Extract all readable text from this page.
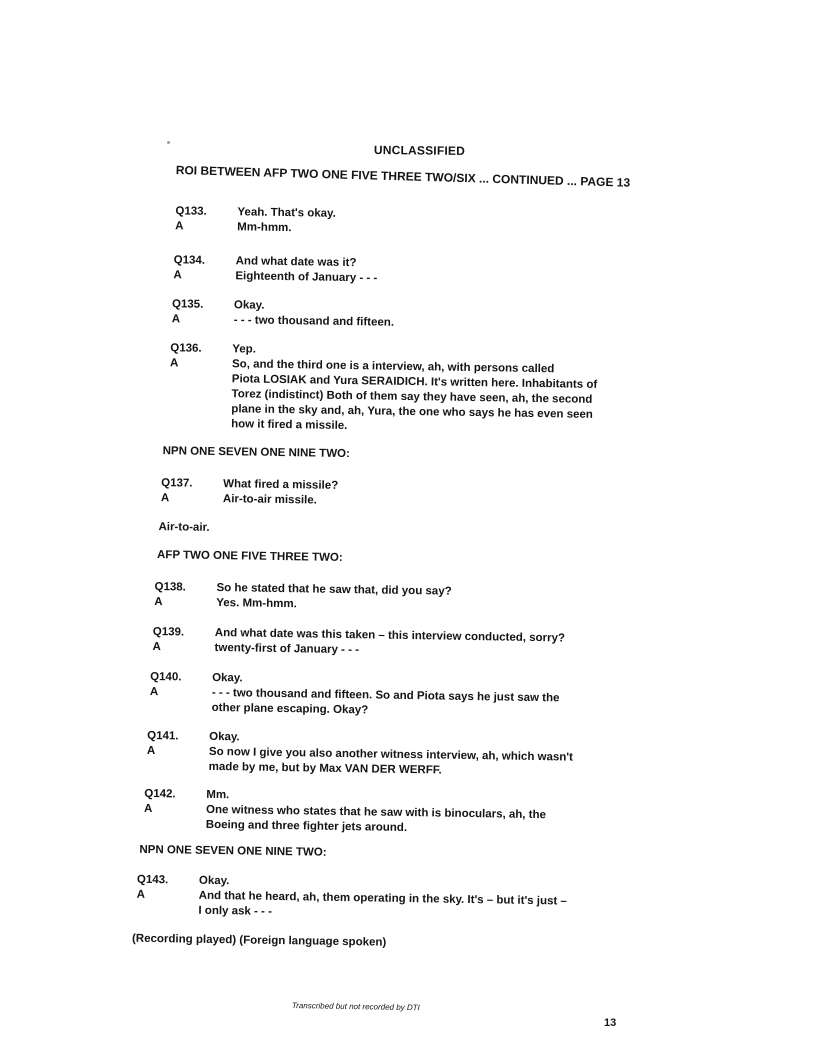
UNCLASSIFIED
ROI BETWEEN AFP TWO ONE FIVE THREE TWO/SIX ... CONTINUED ... PAGE 13
Q133.	Yeah. That's okay.
A	Mm-hmm.
Q134.	And what date was it?
A	Eighteenth of January - - -
Q135.	Okay.
A	- - - two thousand and fifteen.
Q136.	Yep.
A	So, and the third one is a interview, ah, with persons called
Piota LOSIAK and Yura SERAIDICH. It's written here. Inhabitants of
Torez (indistinct) Both of them say they have seen, ah, the second
plane in the sky and, ah, Yura, the one who says he has even seen
how it fired a missile.
NPN ONE SEVEN ONE NINE TWO:
Q137.	What fired a missile?
A	Air-to-air missile.
Air-to-air.
AFP TWO ONE FIVE THREE TWO:
Q138.	So he stated that he saw that, did you say?
A	Yes. Mm-hmm.
Q139.	And what date was this taken – this interview conducted, sorry?
A	twenty-first of January - - -
Q140.	Okay.
A	- - - two thousand and fifteen. So and Piota says he just saw the
other plane escaping. Okay?
Q141.	Okay.
A	So now I give you also another witness interview, ah, which wasn't
made by me, but by Max VAN DER WERFF.
Q142.	Mm.
A	One witness who states that he saw with is binoculars, ah, the
Boeing and three fighter jets around.
NPN ONE SEVEN ONE NINE TWO:
Q143.	Okay.
A	And that he heard, ah, them operating in the sky. It's – but it's just –
I only ask - - -
(Recording played) (Foreign language spoken)
Transcribed but not recorded by DTI
13
